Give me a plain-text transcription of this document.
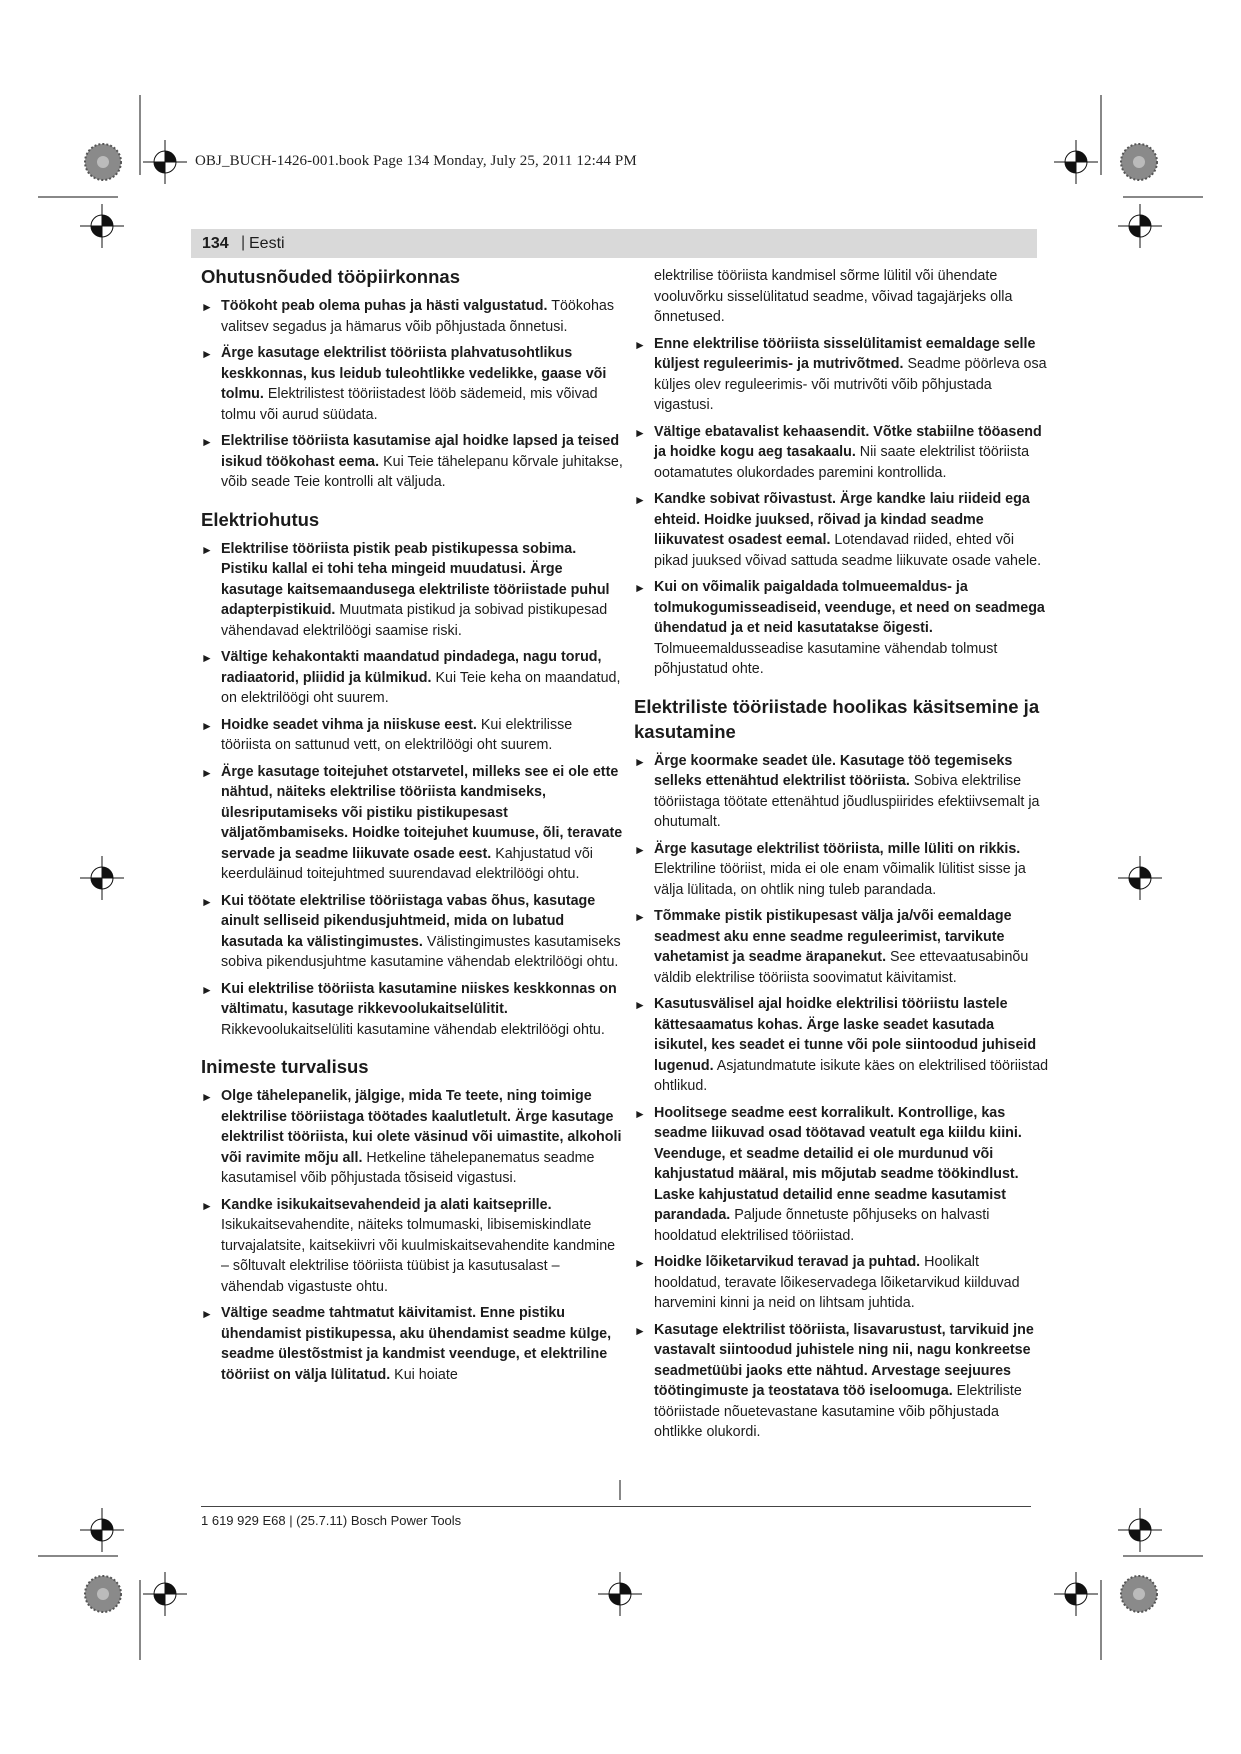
OBJ_BUCH-1426-001.book Page 134 Monday, July 25, 2011 12:44 PM
134 | Eesti
Ohutusnõuded tööpiirkonnas
► Töökoht peab olema puhas ja hästi valgustatud. Töökohas valitsev segadus ja hämarus võib põhjustada õnnetusi.
► Ärge kasutage elektrilist tööriista plahvatusohtlikus keskkonnas, kus leidub tuleohtlikke vedelikke, gaase või tolmu. Elektrilistest tööriistadest lööb sädemeid, mis võivad tolmu või aurud süüdata.
► Elektrilise tööriista kasutamise ajal hoidke lapsed ja teised isikud töökohast eema. Kui Teie tähelepanu kõrvale juhitakse, võib seade Teie kontrolli alt väljuda.
Elektriohutus
► Elektrilise tööriista pistik peab pistikupessa sobima. Pistiku kallal ei tohi teha mingeid muudatusi. Ärge kasutage kaitsemaandusega elektriliste tööriistade puhul adapterpistikuid. Muutmata pistikud ja sobivad pistikupesad vähendavad elektrilöögi saamise riski.
► Vältige kehakontakti maandatud pindadega, nagu torud, radiaatorid, pliidid ja külmikud. Kui Teie keha on maandatud, on elektrilöögi oht suurem.
► Hoidke seadet vihma ja niiskuse eest. Kui elektrilisse tööriista on sattunud vett, on elektrilöögi oht suurem.
► Ärge kasutage toitejuhet otstarvetel, milleks see ei ole ette nähtud, näiteks elektrilise tööriista kandmiseks, ülesriputamiseks või pistiku pistikupesast väljatõmbamiseks. Hoidke toitejuhet kuumuse, õli, teravate servade ja seadme liikuvate osade eest. Kahjustatud või keerduläinud toitejuhtmed suurendavad elektrilöögi ohtu.
► Kui töötate elektrilise tööriistaga vabas õhus, kasutage ainult selliseid pikendusjuhtmeid, mida on lubatud kasutada ka välistingimustes. Välistingimustes kasutamiseks sobiva pikendusjuhtme kasutamine vähendab elektrilöögi ohtu.
► Kui elektrilise tööriista kasutamine niiskes keskkonnas on vältimatu, kasutage rikkevoolukaitselülitit. Rikkevoolukaitselüliti kasutamine vähendab elektrilöögi ohtu.
Inimeste turvalisus
► Olge tähelepanelik, jälgige, mida Te teete, ning toimige elektrilise tööriistaga töötades kaalutletult. Ärge kasutage elektrilist tööriista, kui olete väsinud või uimastite, alkoholi või ravimite mõju all. Hetkeline tähelepanematus seadme kasutamisel võib põhjustada tõsiseid vigastusi.
► Kandke isikukaitsevahendeid ja alati kaitseprille. Isikukaitsevahendite, näiteks tolmumaski, libisemiskindlate turvajalatsite, kaitsekiivri või kuulmiskaitsevahendite kandmine – sõltuvalt elektrilise tööriista tüübist ja kasutusalast – vähendab vigastuste ohtu.
► Vältige seadme tahtmatut käivitamist. Enne pistiku ühendamist pistikupessa, aku ühendamist seadme külge, seadme ülestõstmist ja kandmist veenduge, et elektriline tööriist on välja lülitatud. Kui hoiate
elektrilise tööriista kandmisel sõrme lülitil või ühendate vooluvõrku sisselülitatud seadme, võivad tagajärjeks olla õnnetused.
► Enne elektrilise tööriista sisselülitamist eemaldage selle küljest reguleerimis- ja mutrivõtmed. Seadme pöörleva osa küljes olev reguleerimis- või mutrivõti võib põhjustada vigastusi.
► Vältige ebatavalist kehaasendit. Võtke stabiilne tööasend ja hoidke kogu aeg tasakaalu. Nii saate elektrilist tööriista ootamatutes olukordades paremini kontrollida.
► Kandke sobivat rõivastust. Ärge kandke laiu riideid ega ehteid. Hoidke juuksed, rõivad ja kindad seadme liikuvatest osadest eemal. Lotendavad riided, ehted või pikad juuksed võivad sattuda seadme liikuvate osade vahele.
► Kui on võimalik paigaldada tolmueemaldus- ja tolmukogumisseadiseid, veenduge, et need on seadmega ühendatud ja et neid kasutatakse õigesti. Tolmueemaldusseadise kasutamine vähendab tolmust põhjustatud ohte.
Elektriliste tööriistade hoolikas käsitsemine ja kasutamine
► Ärge koormake seadet üle. Kasutage töö tegemiseks selleks ettenähtud elektrilist tööriista. Sobiva elektrilise tööriistaga töötate ettenähtud jõudluspiirides efektiivsemalt ja ohutumalt.
► Ärge kasutage elektrilist tööriista, mille lüliti on rikkis. Elektriline tööriist, mida ei ole enam võimalik lülitist sisse ja välja lülitada, on ohtlik ning tuleb parandada.
► Tõmmake pistik pistikupesast välja ja/või eemaldage seadmest aku enne seadme reguleerimist, tarvikute vahetamist ja seadme ärapanekut. See ettevaatusabinõu väldib elektrilise tööriista soovimatut käivitamist.
► Kasutusvälisel ajal hoidke elektrilisi tööriistu lastele kättesaamatus kohas. Ärge laske seadet kasutada isikutel, kes seadet ei tunne või pole siintoodud juhiseid lugenud. Asjatundmatute isikute käes on elektrilised tööriistad ohtlikud.
► Hoolitsege seadme eest korralikult. Kontrollige, kas seadme liikuvad osad töötavad veatult ega kiildu kiini. Veenduge, et seadme detailid ei ole murdunud või kahjustatud määral, mis mõjutab seadme töökindlust. Laske kahjustatud detailid enne seadme kasutamist parandada. Paljude õnnetuste põhjuseks on halvasti hooldatud elektrilised tööriistad.
► Hoidke lõiketarvikud teravad ja puhtad. Hoolikalt hooldatud, teravate lõikeservadega lõiketarvikud kiilduvad harvemini kinni ja neid on lihtsam juhtida.
► Kasutage elektrilist tööriista, lisavarustust, tarvikuid jne vastavalt siintoodud juhistele ning nii, nagu konkreetse seadmetüübi jaoks ette nähtud. Arvestage seejuures töötingimuste ja teostatava töö iseloomuga. Elektriliste tööriistade nõuetevastane kasutamine võib põhjustada ohtlikke olukordi.
1 619 929 E68 | (25.7.11) Bosch Power Tools
